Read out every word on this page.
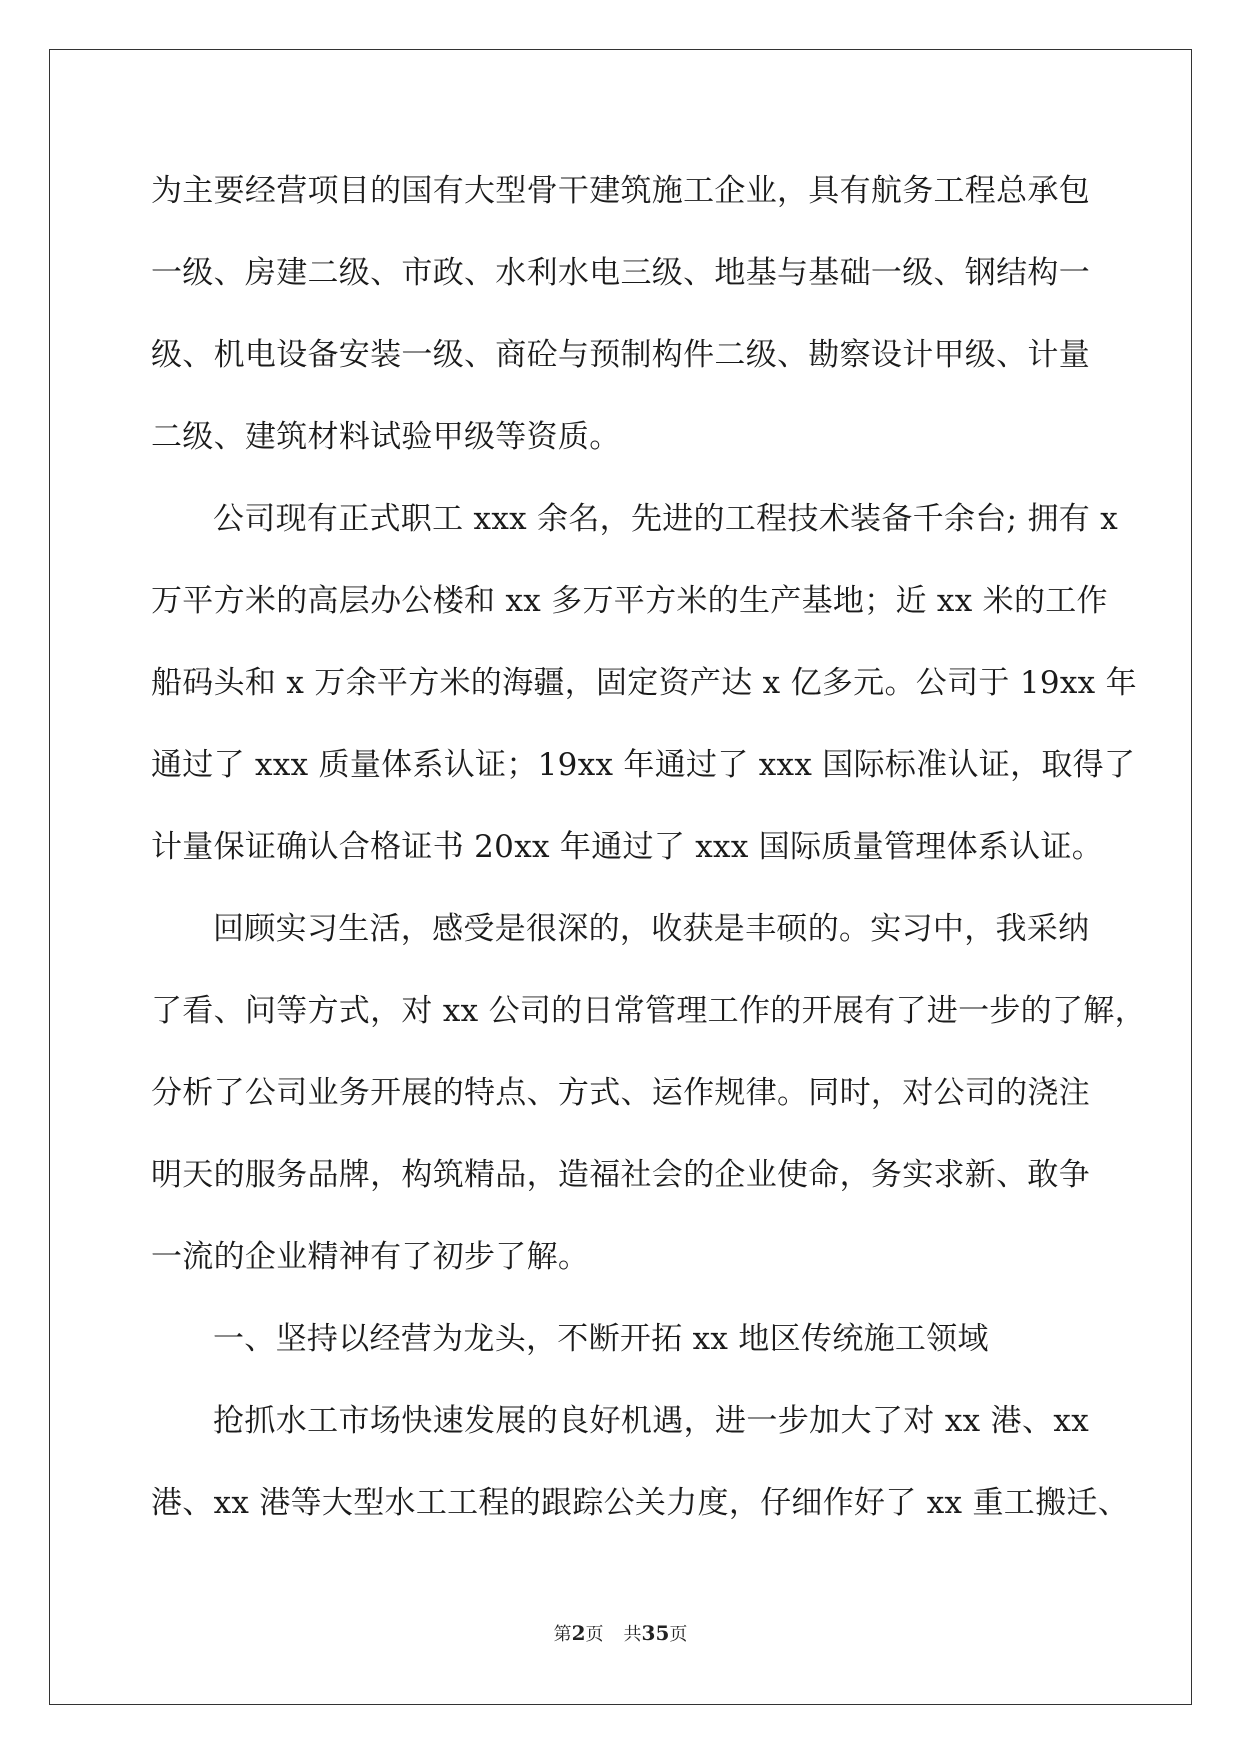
为主要经营项目的国有大型骨干建筑施工企业，具有航务工程总承包
一级、房建二级、市政、水利水电三级、地基与基础一级、钢结构一
级、机电设备安装一级、商砼与预制构件二级、勘察设计甲级、计量
二级、建筑材料试验甲级等资质。
公司现有正式职工 xxx 余名，先进的工程技术装备千余台; 拥有 x
万平方米的高层办公楼和 xx 多万平方米的生产基地；近 xx 米的工作
船码头和 x 万余平方米的海疆，固定资产达 x 亿多元。公司于 19xx 年
通过了 xxx 质量体系认证；19xx 年通过了 xxx 国际标准认证，取得了
计量保证确认合格证书 20xx 年通过了 xxx 国际质量管理体系认证。
回顾实习生活，感受是很深的，收获是丰硕的。实习中，我采纳
了看、问等方式，对 xx 公司的日常管理工作的开展有了进一步的了解，
分析了公司业务开展的特点、方式、运作规律。同时，对公司的浇注
明天的服务品牌，构筑精品，造福社会的企业使命，务实求新、敢争
一流的企业精神有了初步了解。
一、坚持以经营为龙头，不断开拓 xx 地区传统施工领域
抢抓水工市场快速发展的良好机遇，进一步加大了对 xx 港、xx
港、xx 港等大型水工工程的跟踪公关力度，仔细作好了 xx 重工搬迁、
第2页 共35页
